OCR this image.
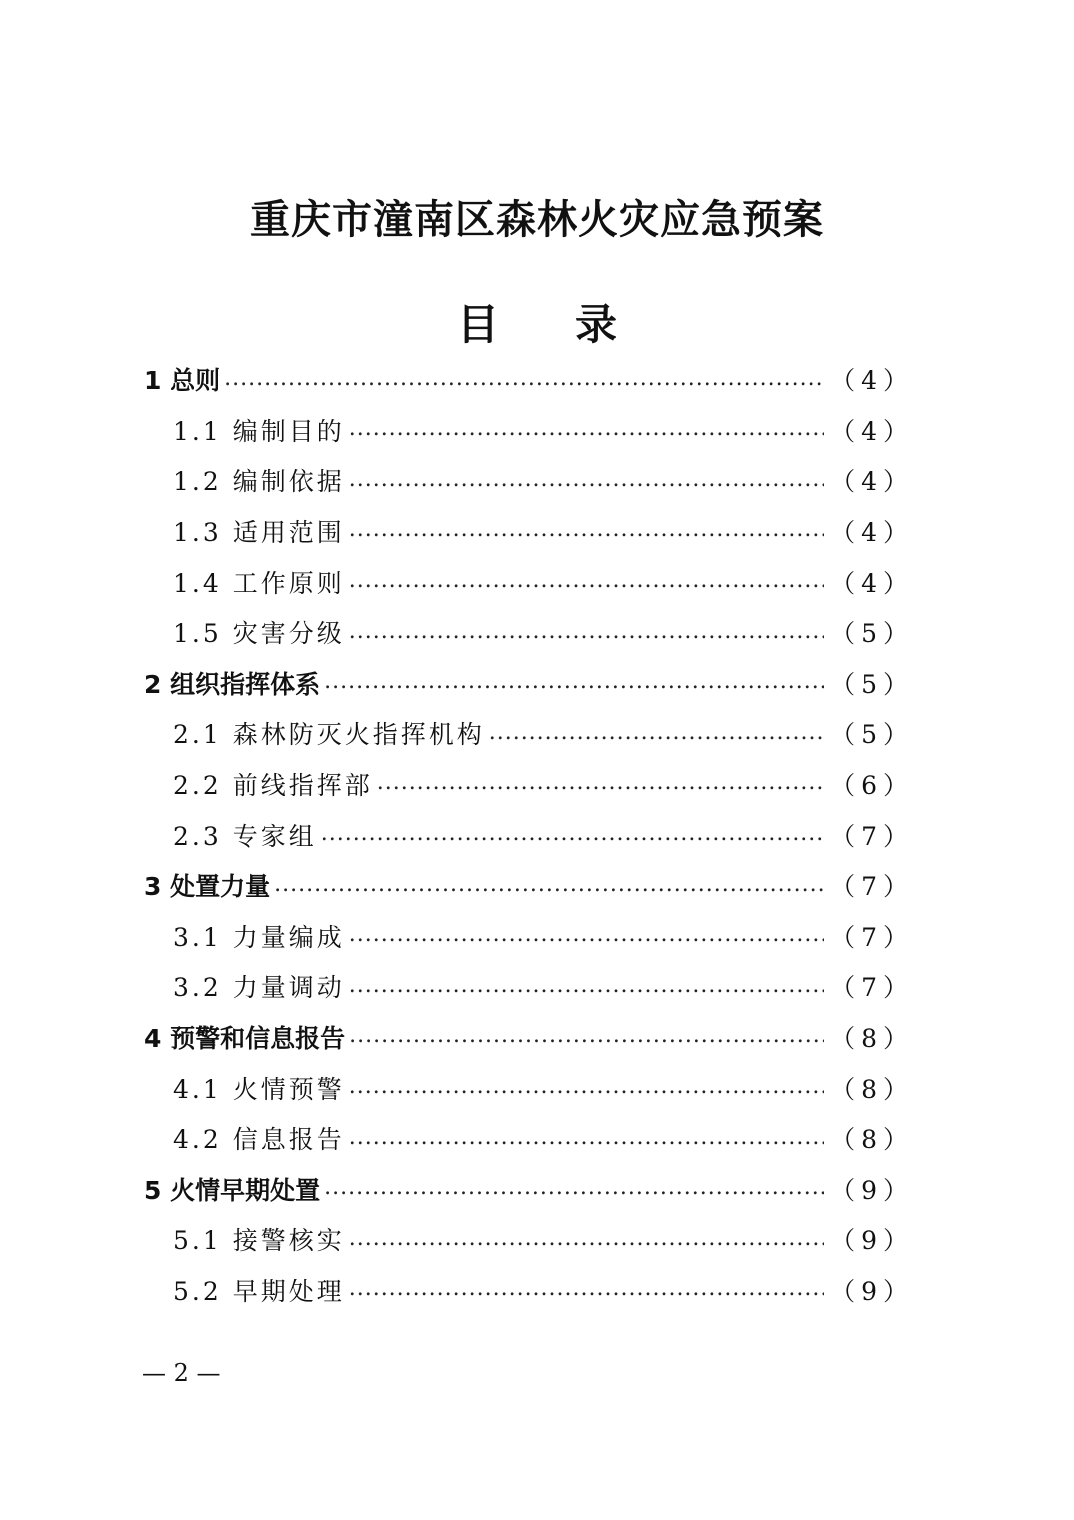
重庆市潼南区森林火灾应急预案
目 录
1 总则 .....	（4）
1.1 编制目的 .....	（4）
1.2 编制依据 .....	（4）
1.3 适用范围 .....	（4）
1.4 工作原则 .....	（4）
1.5 灾害分级 .....	（5）
2 组织指挥体系 .....	（5）
2.1 森林防灭火指挥机构 .....	（5）
2.2 前线指挥部 .....	（6）
2.3 专家组 .....	（7）
3 处置力量 .....	（7）
3.1 力量编成 .....	（7）
3.2 力量调动 .....	（7）
4 预警和信息报告 .....	（8）
4.1 火情预警 .....	（8）
4.2 信息报告 .....	（8）
5 火情早期处置 .....	（9）
5.1 接警核实 .....	（9）
5.2 早期处理 .....	（9）

— 2 —
